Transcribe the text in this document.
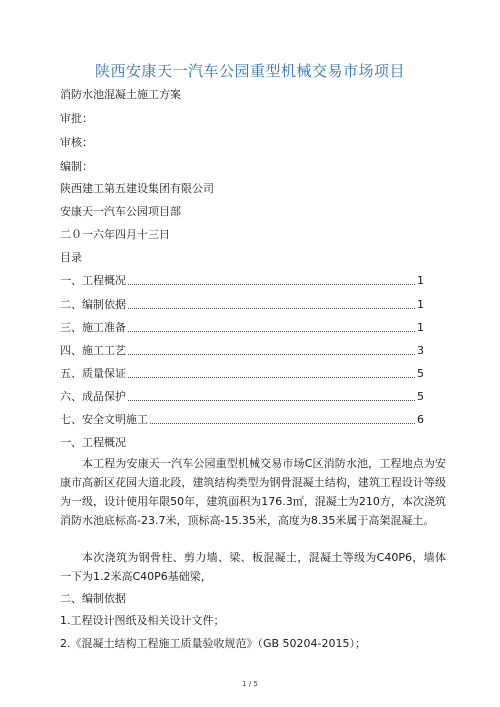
陕西安康天一汽车公园重型机械交易市场项目
消防水池混凝土施工方案
审批：
审核：
编制：
陕西建工第五建设集团有限公司
安康天一汽车公园项目部
二０一六年四月十三日
目录
一、工程概况	1
二、编制依据	1
三、施工准备	1
四、施工工艺	3
五、质量保证	5
六、成品保护	5
七、安全文明施工	6
一、工程概况

本工程为安康天一汽车公园重型机械交易市场C区消防水池，工程地点为安康市高新区花园大道北段，建筑结构类型为钢骨混凝土结构，建筑工程设计等级为一级，设计使用年限50年，建筑面积为176.3㎡，混凝土为210方，本次浇筑消防水池底标高-23.7米，顶标高-15.35米，高度为8.35米属于高架混凝土。

本次浇筑为钢骨柱、剪力墙、梁、板混凝土，混凝土等级为C40P6，墙体一下为1.2米高C40P6基础梁，

二、编制依据
1.工程设计图纸及相关设计文件；
2.《混凝土结构工程施工质量验收规范》（GB 50204-2015）；
1 / 5
